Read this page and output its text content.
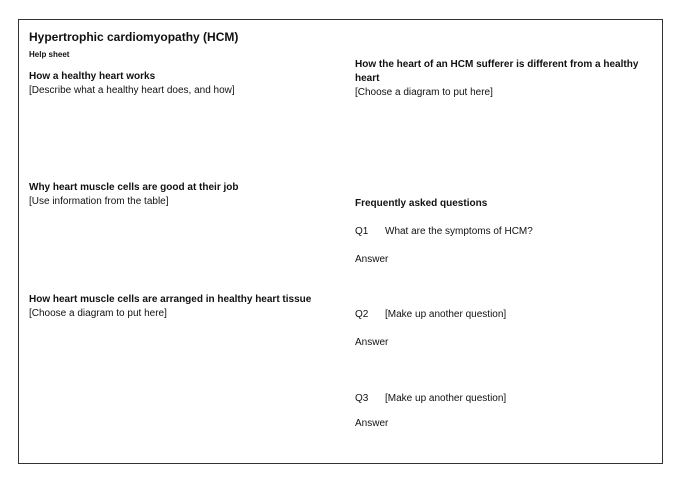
Hypertrophic cardiomyopathy (HCM)
Help sheet
How a healthy heart works
[Describe what a healthy heart does, and how]
Why heart muscle cells are good at their job
[Use information from the table]
How heart muscle cells are arranged in healthy heart tissue
[Choose a diagram to put here]
How the heart of an HCM sufferer is different from a healthy heart
[Choose a diagram to put here]
Frequently asked questions
Q1 What are the symptoms of HCM?
Answer
Q2 [Make up another question]
Answer
Q3 [Make up another question]
Answer
